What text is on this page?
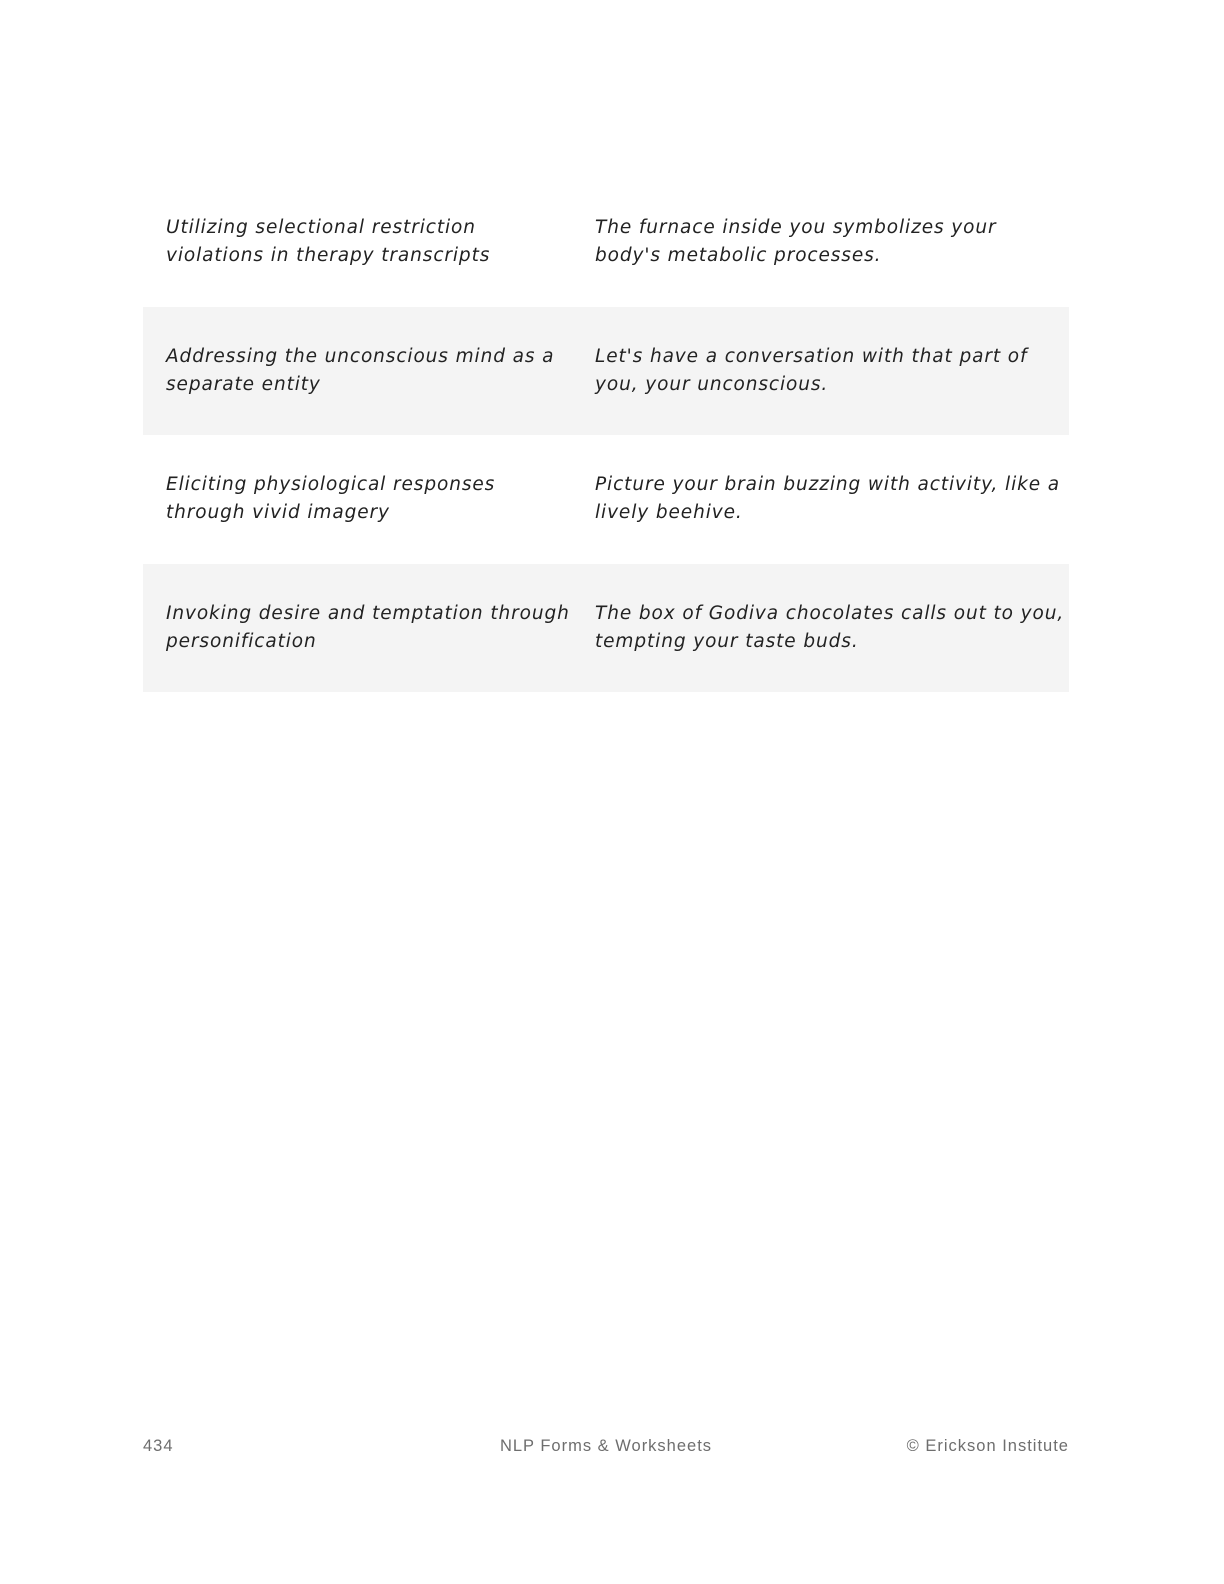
Utilizing selectional restriction violations in therapy transcripts
The furnace inside you symbolizes your body's metabolic processes.
Addressing the unconscious mind as a separate entity
Let's have a conversation with that part of you, your unconscious.
Eliciting physiological responses through vivid imagery
Picture your brain buzzing with activity, like a lively beehive.
Invoking desire and temptation through personification
The box of Godiva chocolates calls out to you, tempting your taste buds.
434	NLP Forms & Worksheets	© Erickson Institute
